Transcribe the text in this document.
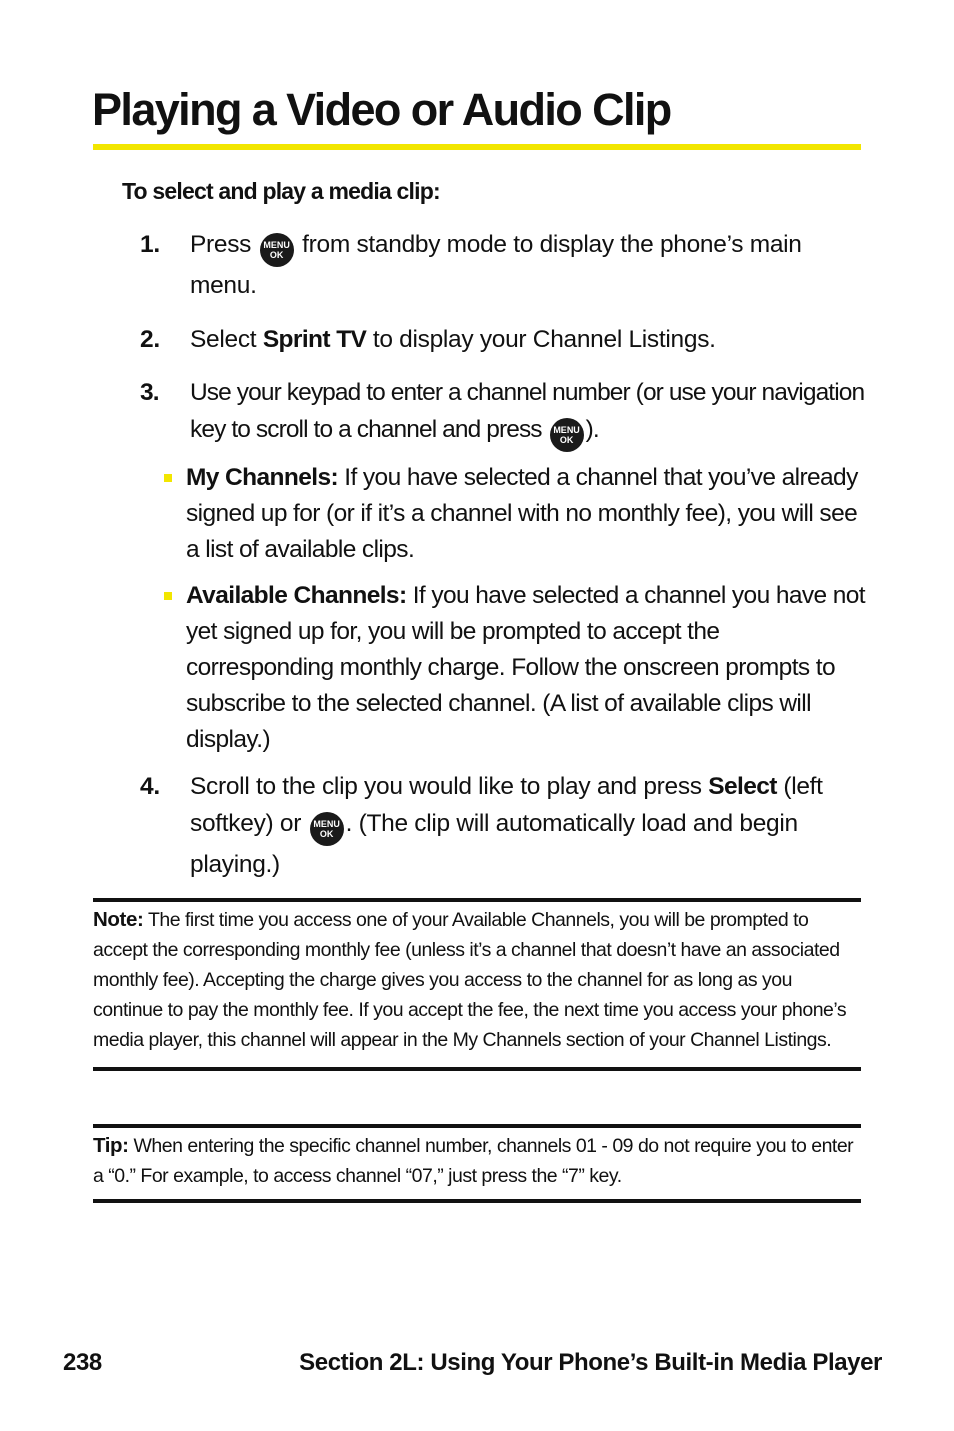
Playing a Video or Audio Clip

To select and play a media clip:

1. Press MENU
OK from standby mode to display the phone’s main menu.
2. Select Sprint TV to display your Channel Listings.
3. Use your keypad to enter a channel number (or use your navigation key to scroll to a channel and press MENU
OK ).
My Channels: If you have selected a channel that you’ve already signed up for (or if it’s a channel with no monthly fee), you will see a list of available clips.
Available Channels: If you have selected a channel you have not yet signed up for, you will be prompted to accept the corresponding monthly charge. Follow the onscreen prompts to subscribe to the selected channel. (A list of available clips will display.)
4. Scroll to the clip you would like to play and press Select (left softkey) or MENU
OK . (The clip will automatically load and begin playing.)
Note: The first time you access one of your Available Channels, you will be prompted to accept the corresponding monthly fee (unless it’s a channel that doesn’t have an associated monthly fee). Accepting the charge gives you access to the channel for as long as you continue to pay the monthly fee. If you accept the fee, the next time you access your phone’s media player, this channel will appear in the My Channels section of your Channel Listings.
Tip: When entering the specific channel number, channels 01 - 09 do not require you to enter a “0.” For example, to access channel “07,” just press the “7” key.
238	Section 2L: Using Your Phone’s Built-in Media Player
